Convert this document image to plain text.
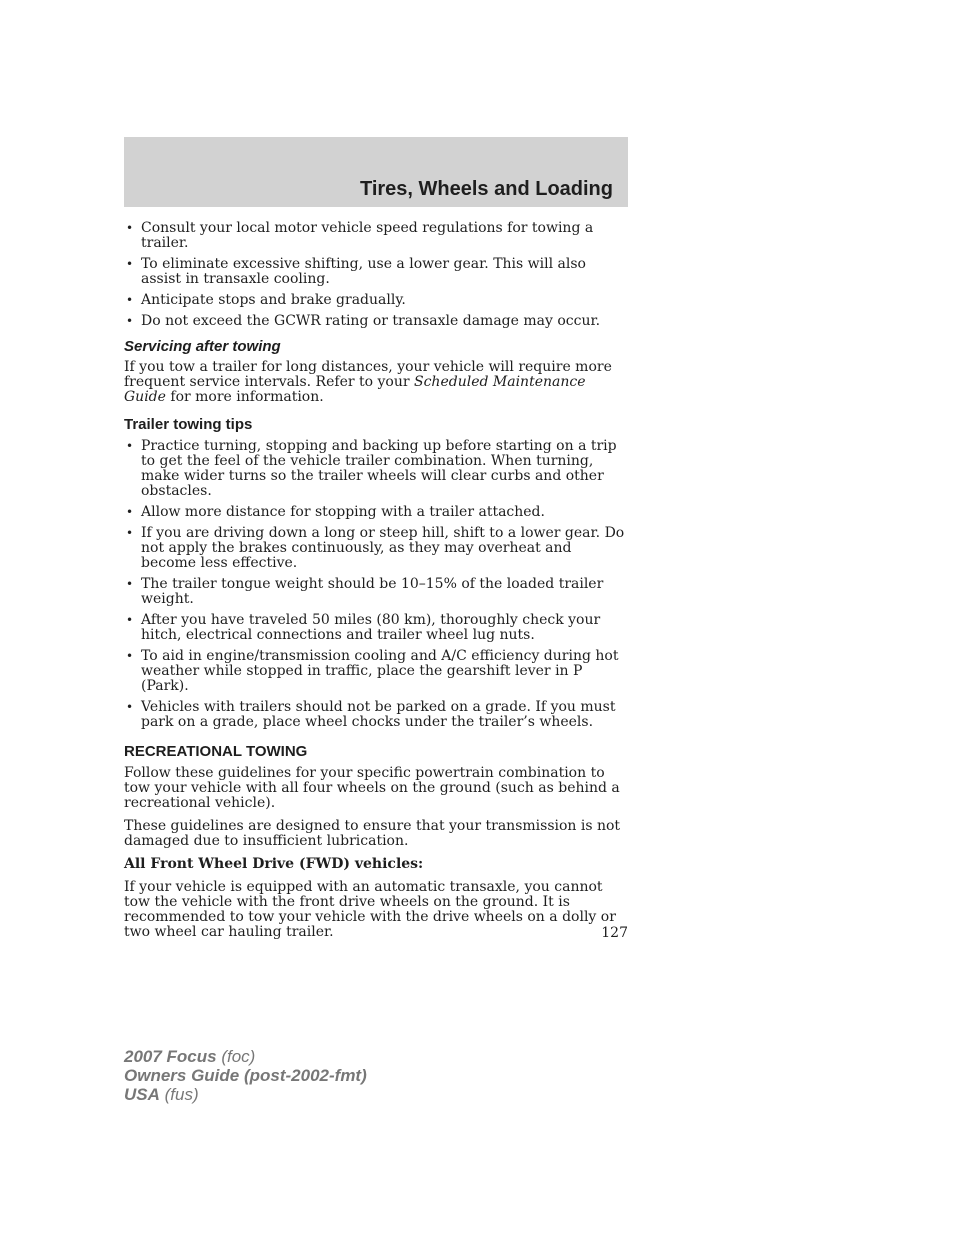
Tires, Wheels and Loading
• Consult your local motor vehicle speed regulations for towing a trailer.
• To eliminate excessive shifting, use a lower gear. This will also assist in transaxle cooling.
• Anticipate stops and brake gradually.
• Do not exceed the GCWR rating or transaxle damage may occur.
Servicing after towing

If you tow a trailer for long distances, your vehicle will require more frequent service intervals. Refer to your Scheduled Maintenance Guide for more information.

Trailer towing tips
• Practice turning, stopping and backing up before starting on a trip to get the feel of the vehicle trailer combination. When turning, make wider turns so the trailer wheels will clear curbs and other obstacles.
• Allow more distance for stopping with a trailer attached.
• If you are driving down a long or steep hill, shift to a lower gear. Do not apply the brakes continuously, as they may overheat and become less effective.
• The trailer tongue weight should be 10–15% of the loaded trailer weight.
• After you have traveled 50 miles (80 km), thoroughly check your hitch, electrical connections and trailer wheel lug nuts.
• To aid in engine/transmission cooling and A/C efficiency during hot weather while stopped in traffic, place the gearshift lever in P (Park).
• Vehicles with trailers should not be parked on a grade. If you must park on a grade, place wheel chocks under the trailer’s wheels.
RECREATIONAL TOWING

Follow these guidelines for your specific powertrain combination to tow your vehicle with all four wheels on the ground (such as behind a recreational vehicle).

These guidelines are designed to ensure that your transmission is not damaged due to insufficient lubrication.

All Front Wheel Drive (FWD) vehicles:

If your vehicle is equipped with an automatic transaxle, you cannot tow the vehicle with the front drive wheels on the ground. It is recommended to tow your vehicle with the drive wheels on a dolly or two wheel car hauling trailer.	127
2007 Focus (foc)
Owners Guide (post-2002-fmt)
USA (fus)
